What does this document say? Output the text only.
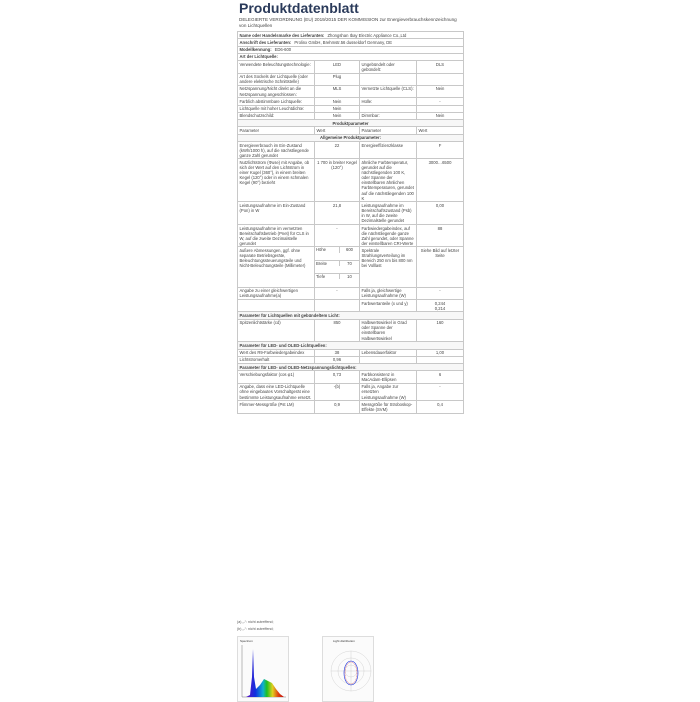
Produktdatenblatt
DELEGIERTE VERORDNUNG (EU) 2019/2015 DER KOMMISSION zur Energieverbrauchskennzeichnung von Lichtquellen
Name oder Handelsmarke des Lieferanten: Zhongshan Ibay Electric Appliance Co.,Ltd			
Anschrift des Lieferanten: Prolinx GmbH, Brehmstr.56 dusseldorf Germany, DE			
Modellkennung: ED6-600			
Art der Lichtquelle:			
Verwendete Beleuchtungstechnologie:	LED	Ungebündelt oder gebündelt:	DLS
Art des Sockels der Lichtquelle (oder andere elektrische Schnittstelle)	Plug		
Netzspannung/Nicht direkt an die Netzspannung angeschlossen:	MLS	Vernetzte Lichtquelle (CLS):	Nein
Farblich abstimmbare Lichtquelle:	Nein	Hülle:	-
Lichtquelle mit hoher Leuchtdichte:	Nein		
Blendschutzschild:	Nein	Dimmbar:	Nein
Produktparameter			
Parameter	Wert	Parameter	Wert
Allgemeine Produktparameter:			
Energieverbrauch im Ein-Zustand (kWh/1000 h), auf die nächstliegende ganze Zahl gerundet	22	Energieeffizienzklasse	F
Nutzlichtstrom (Φuse) mit Angabe, ob sich der Wert auf den Lichtstrom in einer Kugel (360°), in einem breiten Kegel (120°) oder in einem schmalen Kegel (90°) bezieht	1 700 in breiter Kegel (120°)	ähnliche Farbtemperatur, gerundet auf die nächstliegenden 100 K, oder Spanne der einstellbaren ähnlichen Farbtemperaturen, gerundet auf die nächstliegenden 100 K	3000…6500
Leistungsaufnahme im Ein-Zustand (Pon) in W	21,8	Leistungsaufnahme im Bereitschaftszustand (Psb) in W, auf die zweite Dezimalstelle gerundet	0,00
Leistungsaufnahme im vernetzten Bereitschaftsbetrieb (Pnet) für CLS in W, auf die zweite Dezimalstelle gerundet	-	Farbwiedergabeindex, auf die nächstliegende ganze Zahl gerundet, oder Spanne der einstellbaren CRI-Werte	88
äußere Abmessungen, ggf. ohne separate Betriebsgeräte, Beleuchtungssteuerungsteile und Nicht-Beleuchtungsteile (Millimeter)	Höhe 600	Spektrale Strahlungsverteilung im Bereich 250 nm bis 800 nm bei Volllast	Siehe Bild auf letzter Seite

	Breite 70		

	Tiefe 10		

Angabe zu einer gleichwertigen Leistungsaufnahme(a)	-	Falls ja, gleichwertige Leistungsaufnahme (W)	-
		Farbwertanteile (x und y)	0,244
0,214
Parameter für Lichtquellen mit gebündeltem Licht:			
Spitzenlichtstärke (cd)	850	Halbwertswinkel in Grad oder Spanne der einstellbaren Halbwertswinkel	160
Parameter für LED- und OLED-Lichtquellen:			
Wert des R9-Farbwiedergabeindex	38	Lebensdauerfaktor	1,00
Lichtstromerhalt	0,96		
Parameter für LED- und OLED-Netzspannungslichtquellen:			
Verschiebungsfaktor (cos φ1)	0,73	Farbkonsistenz in MacAdam-Ellipsen	6
Angabe, dass eine LED-Lichtquelle ohne eingebautes Vorschaltgerät eine bestimmte Leistungsaufnahme ersetzt.	-(b)	Falls ja, Angabe zur ersetzten Leistungsaufnahme (W)	-
Flimmer-Messgröße (Pst LM)	0,9	Messgröße für Stroboskop-Effekte (SVM)	0,4
(a) „-“: nicht zutreffend;
(b) „-“: nicht zutreffend;
Spectrum	Light distribution
